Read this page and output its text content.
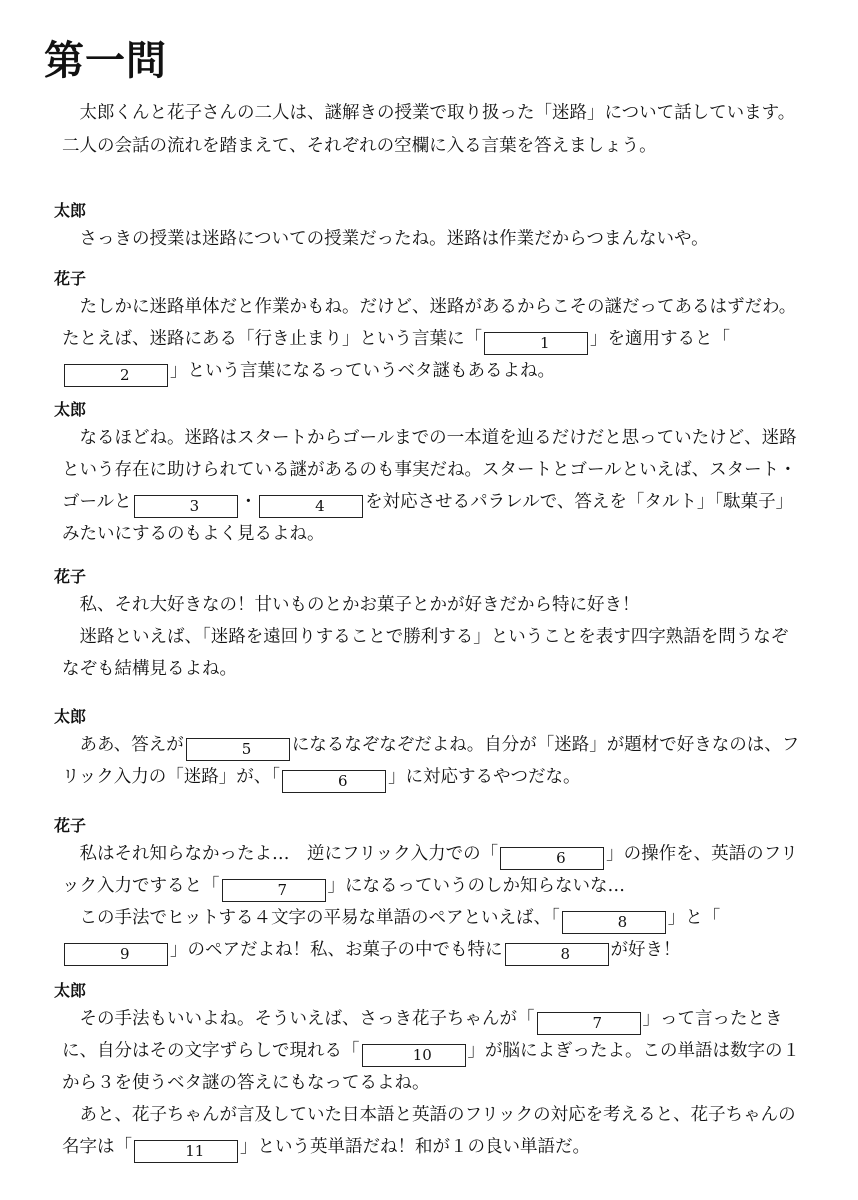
第一問
太郎くんと花子さんの二人は、謎解きの授業で取り扱った「迷路」について話しています。二人の会話の流れを踏まえて、それぞれの空欄に入る言葉を答えましょう。
太郎

さっきの授業は迷路についての授業だったね。迷路は作業だからつまんないや。

花子

たしかに迷路単体だと作業かもね。だけど、迷路があるからこその謎だってあるはずだわ。たとえば、迷路にある「行き止まり」という言葉に「	1 」を適用すると「2 」という言葉になるっていうベタ謎もあるよね。

太郎

なるほどね。迷路はスタートからゴールまでの一本道を辿るだけだと思っていたけど、迷路という存在に助けられている謎があるのも事実だね。スタートとゴールといえば、スタート・ゴールと	3 ・	4 を対応させるパラレルで、答えを「タルト」「駄菓子」みたいにするのもよく見るよね。

花子

私、それ大好きなの！甘いものとかお菓子とかが好きだから特に好き！

迷路といえば、「迷路を遠回りすることで勝利する」ということを表す四字熟語を問うなぞなぞも結構見るよね。

太郎

ああ、答えが	5 になるなぞなぞだよね。自分が「迷路」が題材で好きなのは、フリック入力の「迷路」が、「	6 」に対応するやつだな。

花子

私はそれ知らなかったよ…　逆にフリック入力での「	6 」の操作を、英語のフリック入力ですると「	7 」になるっていうのしか知らないな…

この手法でヒットする４文字の平易な単語のペアといえば、「	8 」と「9 」のペアだよね！私、お菓子の中でも特に	8 が好き！

太郎

その手法もいいよね。そういえば、さっき花子ちゃんが「	7 」って言ったときに、自分はその文字ずらしで現れる「	10 」が脳によぎったよ。この単語は数字の１から３を使うベタ謎の答えにもなってるよね。

あと、花子ちゃんが言及していた日本語と英語のフリックの対応を考えると、花子ちゃんの名字は「	11 」という英単語だね！和が１の良い単語だ。
